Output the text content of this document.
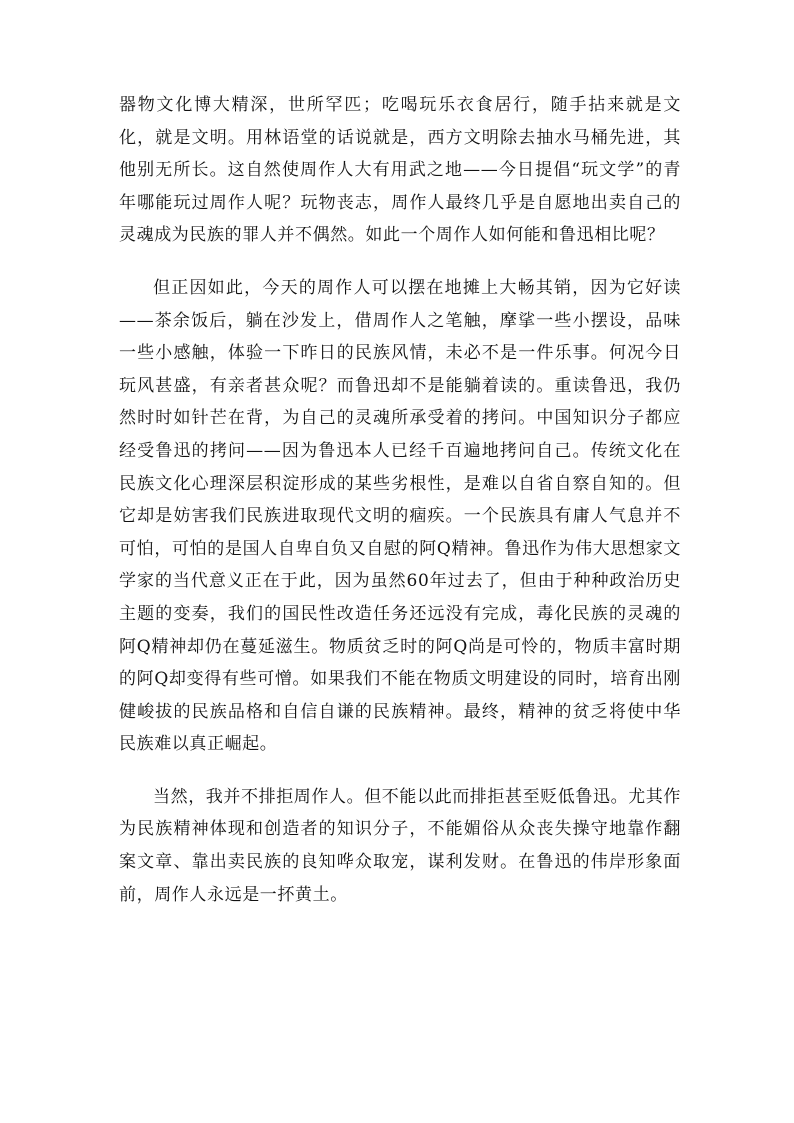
器物文化博大精深，世所罕匹；吃喝玩乐衣食居行，随手拈来就是文化，就是文明。用林语堂的话说就是，西方文明除去抽水马桶先进，其他别无所长。这自然使周作人大有用武之地——今日提倡“玩文学”的青年哪能玩过周作人呢？玩物丧志，周作人最终几乎是自愿地出卖自己的灵魂成为民族的罪人并不偶然。如此一个周作人如何能和鲁迅相比呢？

但正因如此，今天的周作人可以摆在地摊上大畅其销，因为它好读——茶余饭后，躺在沙发上，借周作人之笔触，摩挲一些小摆设，品味一些小感触，体验一下昨日的民族风情，未必不是一件乐事。何况今日玩风甚盛，有亲者甚众呢？而鲁迅却不是能躺着读的。重读鲁迅，我仍然时时如针芒在背，为自己的灵魂所承受着的拷问。中国知识分子都应经受鲁迅的拷问——因为鲁迅本人已经千百遍地拷问自己。传统文化在民族文化心理深层积淀形成的某些劣根性，是难以自省自察自知的。但它却是妨害我们民族进取现代文明的痼疾。一个民族具有庸人气息并不可怕，可怕的是国人自卑自负又自慰的阿Q精神。鲁迅作为伟大思想家文学家的当代意义正在于此，因为虽然60年过去了，但由于种种政治历史主题的变奏，我们的国民性改造任务还远没有完成，毒化民族的灵魂的阿Q精神却仍在蔓延滋生。物质贫乏时的阿Q尚是可怜的，物质丰富时期的阿Q却变得有些可憎。如果我们不能在物质文明建设的同时，培育出刚健峻拔的民族品格和自信自谦的民族精神。最终，精神的贫乏将使中华民族难以真正崛起。

当然，我并不排拒周作人。但不能以此而排拒甚至贬低鲁迅。尤其作为民族精神体现和创造者的知识分子，不能媚俗从众丧失操守地靠作翻案文章、靠出卖民族的良知哗众取宠，谋利发财。在鲁迅的伟岸形象面前，周作人永远是一抔黄土。
